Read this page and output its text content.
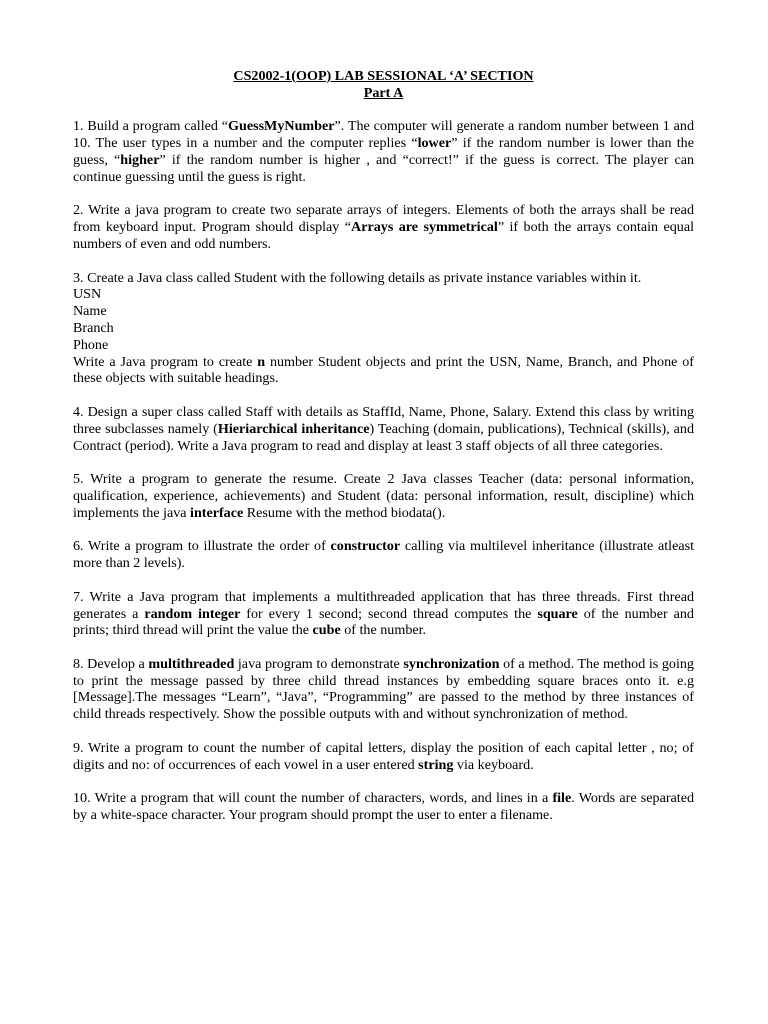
CS2002-1(OOP) LAB SESSIONAL ‘A’ SECTION

Part A

1. Build a program called “GuessMyNumber”. The computer will generate a random number between 1 and 10. The user types in a number and the computer replies “lower” if the random number is lower than the guess, “higher” if the random number is higher , and “correct!” if the guess is correct. The player can continue guessing until the guess is right.

2. Write a java program to create two separate arrays of integers. Elements of both the arrays shall be read from keyboard input. Program should display “Arrays are symmetrical” if both the arrays contain equal numbers of even and odd numbers.

3. Create a Java class called Student with the following details as private instance variables within it.
USN
Name
Branch
Phone
Write a Java program to create n number Student objects and print the USN, Name, Branch, and Phone of these objects with suitable headings.

4. Design a super class called Staff with details as StaffId, Name, Phone, Salary. Extend this class by writing three subclasses namely (Hieriarchical inheritance) Teaching (domain, publications), Technical (skills), and Contract (period). Write a Java program to read and display at least 3 staff objects of all three categories.

5. Write a program to generate the resume. Create 2 Java classes Teacher (data: personal information, qualification, experience, achievements) and Student (data: personal information, result, discipline) which implements the java interface Resume with the method biodata().

6. Write a program to illustrate the order of constructor calling via multilevel inheritance (illustrate atleast more than 2 levels).

7. Write a Java program that implements a multithreaded application that has three threads. First thread generates a random integer for every 1 second; second thread computes the square of the number and prints; third thread will print the value the cube of the number.

8. Develop a multithreaded java program to demonstrate synchronization of a method. The method is going to print the message passed by three child thread instances by embedding square braces onto it. e.g [Message].The messages “Learn”, “Java”, “Programming” are passed to the method by three instances of child threads respectively. Show the possible outputs with and without synchronization of method.

9. Write a program to count the number of capital letters, display the position of each capital letter , no; of digits and no: of occurrences of each vowel in a user entered string via keyboard.

10. Write a program that will count the number of characters, words, and lines in a file. Words are separated by a white-space character. Your program should prompt the user to enter a filename.
